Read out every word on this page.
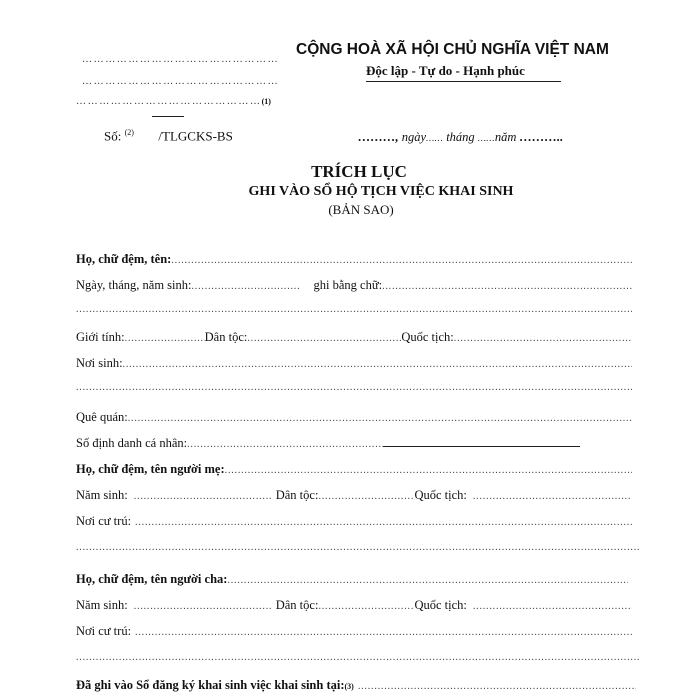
……………………………………………
……………………………………………
…………………………………………(1)
CỘNG HOÀ XÃ HỘI CHỦ NGHĨA VIỆT NAM
Độc lập - Tự do - Hạnh phúc
Số: $^{(2)}$ /TLGCKS-BS	………, ngày…… tháng ……năm ………..
TRÍCH LỤC
GHI VÀO SỔ HỘ TỊCH VIỆC KHAI SINH
(BẢN SAO)
Họ, chữ đệm, tên:
.....
Ngày, tháng, năm sinh: .....	ghi bằng chữ:
.....
.....
Giới tính: .....	Dân tộc: .....	Quốc tịch:
.....
Nơi sinh:
.....
.....
Quê quán:
.....
Số định danh cá nhân:
.....
Họ, chữ đệm, tên người mẹ:
.....
Năm sinh: .....	Dân tộc: .....	Quốc tịch:
.....
Nơi cư trú:
.....
.....
Họ, chữ đệm, tên người cha:
.....
Năm sinh: .....	Dân tộc: .....	Quốc tịch:
.....
Nơi cư trú:
.....
.....
Đã ghi vào Sổ đăng ký khai sinh việc khai sinh tại: (3)
.....
